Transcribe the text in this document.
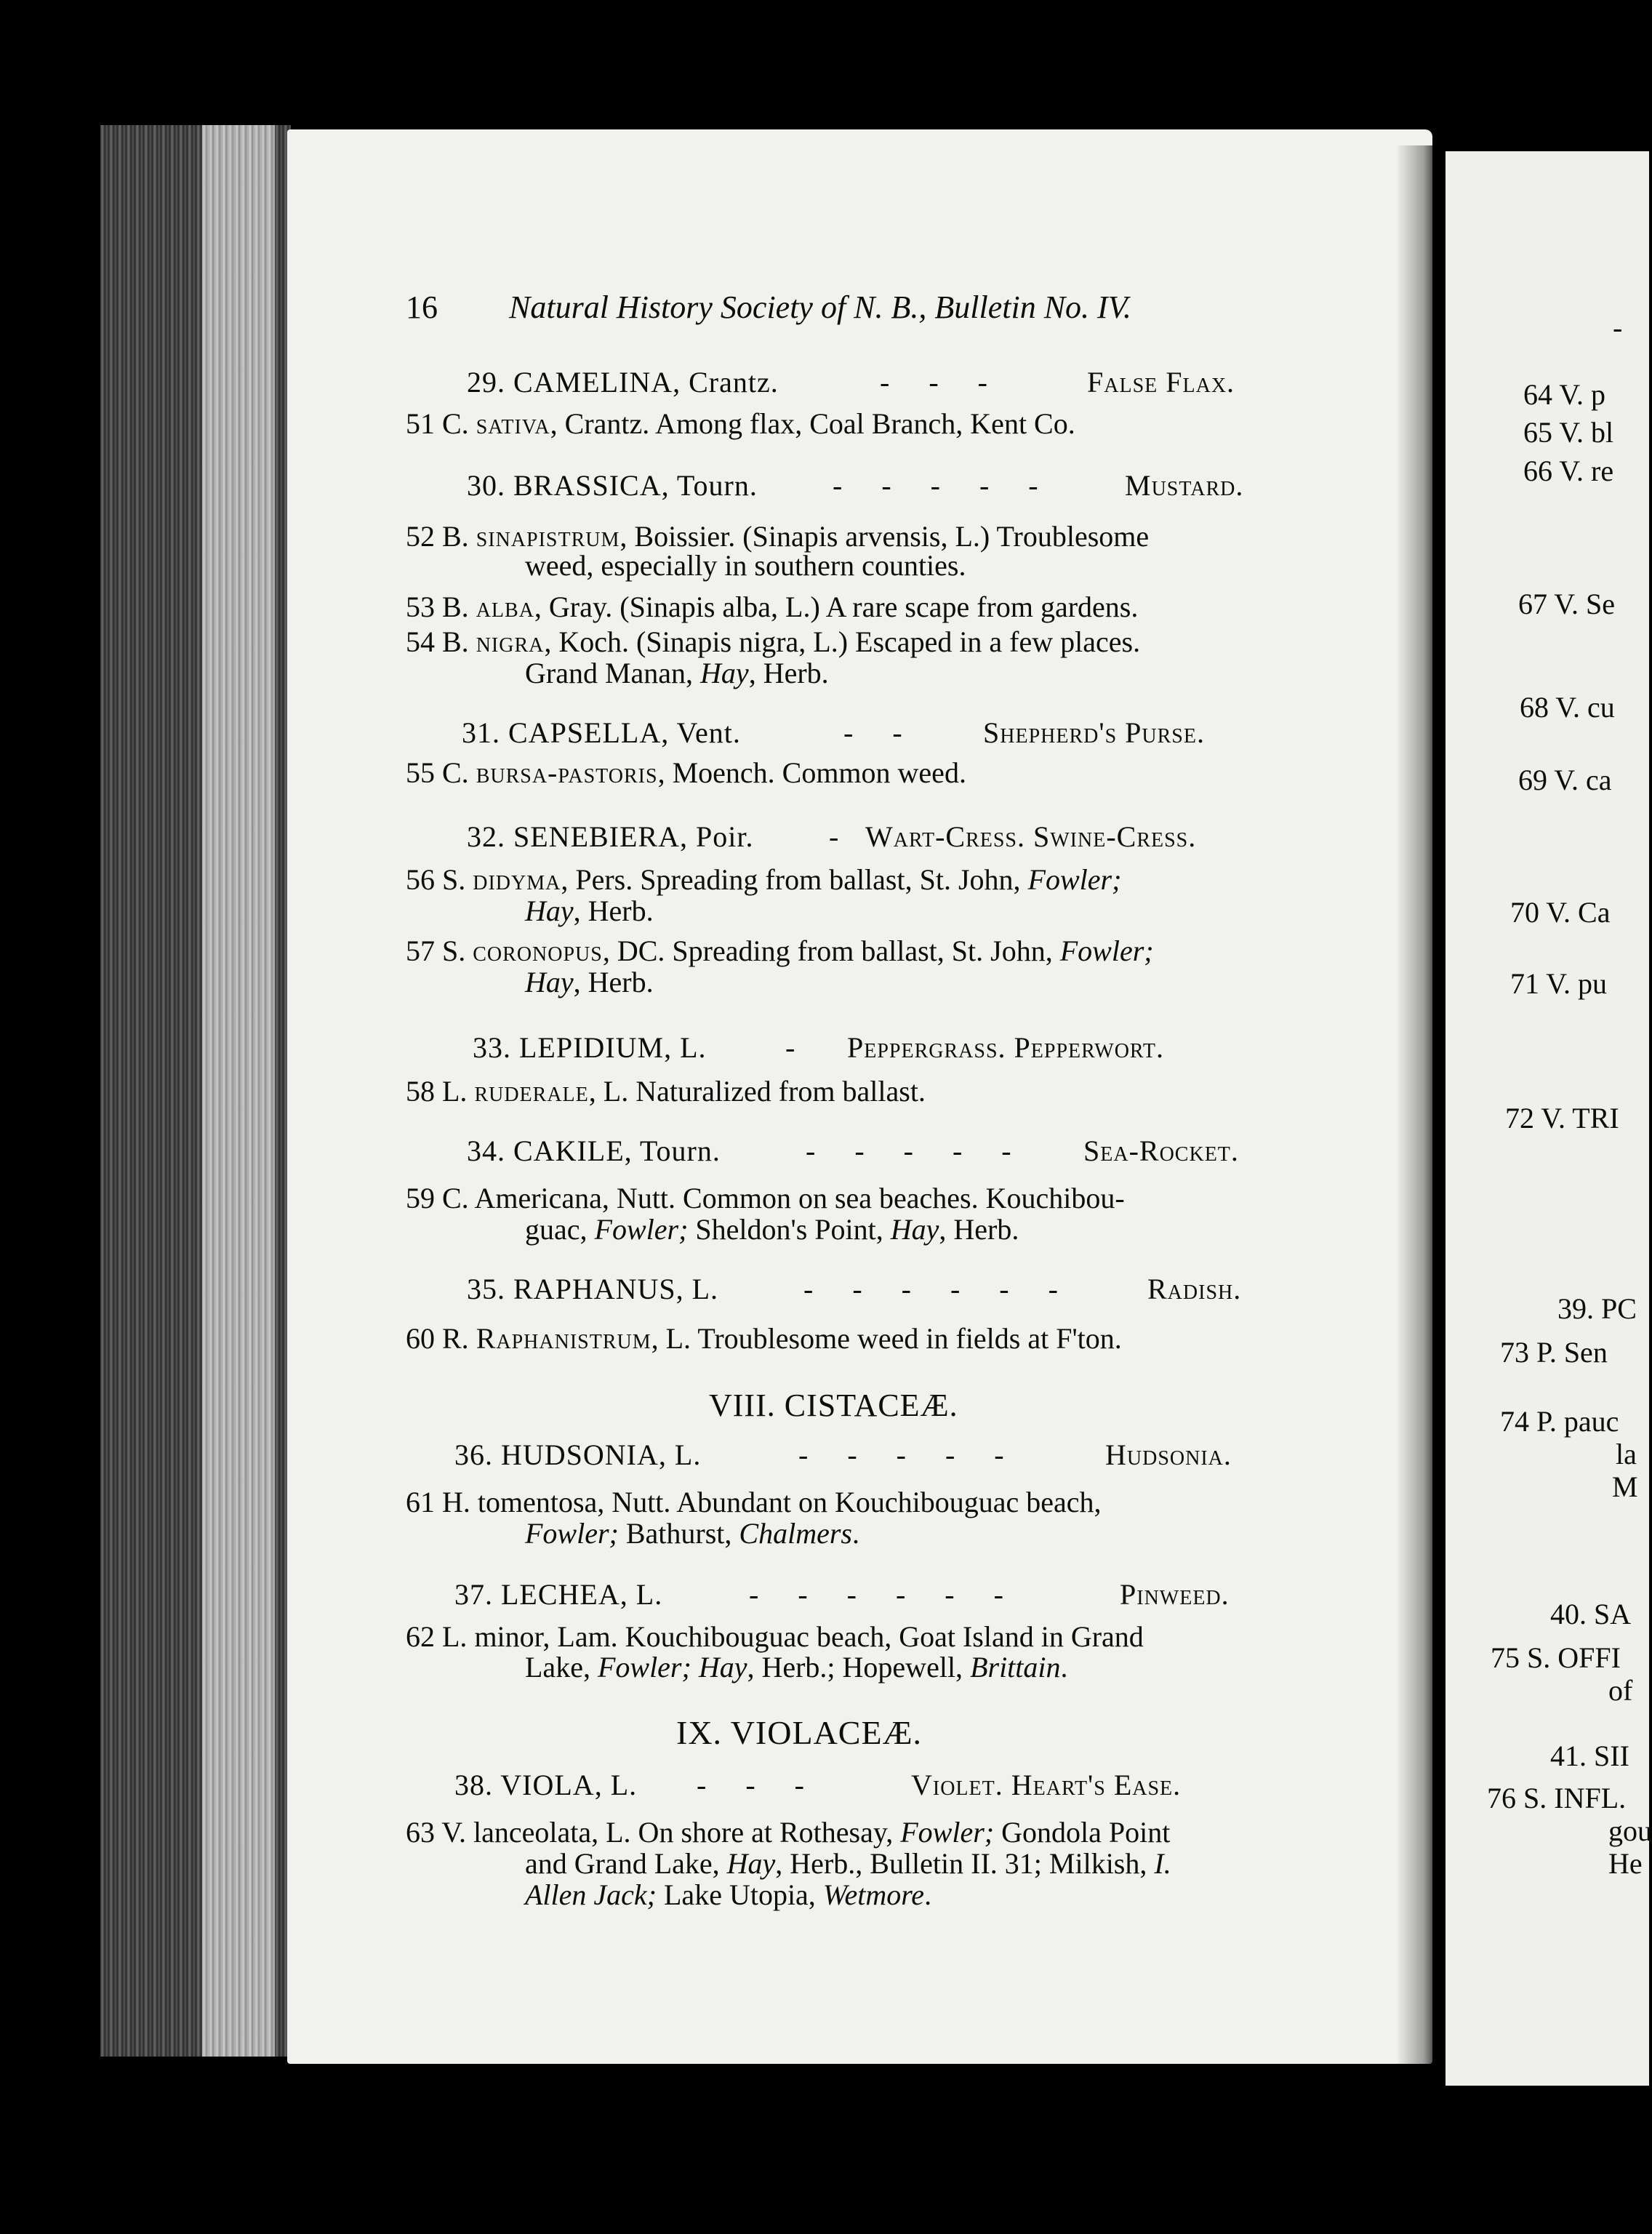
16 Natural History Society of N. B., Bulletin No. IV.
29. CAMELINA, Crantz.	- - -	False Flax.
51 C. sativa, Crantz. Among flax, Coal Branch, Kent Co.
30. BRASSICA, Tourn.	- - - - - Mustard.
52 B. sinapistrum, Boissier. (Sinapis arvensis, L.) Troublesome
weed, especially in southern counties.
53 B. alba, Gray. (Sinapis alba, L.) A rare scape from gardens.
54 B. nigra, Koch. (Sinapis nigra, L.) Escaped in a few places.
Grand Manan, Hay, Herb.
31. CAPSELLA, Vent.	- - Shepherd's Purse.
55 C. bursa-pastoris, Moench. Common weed.
32. SENEBIERA, Poir.	- Wart-Cress. Swine-Cress.
56 S. didyma, Pers. Spreading from ballast, St. John, Fowler;
Hay, Herb.
57 S. coronopus, DC. Spreading from ballast, St. John, Fowler;
Hay, Herb.
33. LEPIDIUM, L.	- Peppergrass. Pepperwort.
58 L. ruderale, L. Naturalized from ballast.
34. CAKILE, Tourn.	- - - - - Sea-Rocket.
59 C. Americana, Nutt. Common on sea beaches. Kouchibou-
guac, Fowler; Sheldon's Point, Hay, Herb.
35. RAPHANUS, L.	- - - - - -	Radish.
60 R. Raphanistrum, L. Troublesome weed in fields at F'ton.
VIII. CISTACEÆ.
36. HUDSONIA, L.	- - - - -	Hudsonia.
61 H. tomentosa, Nutt. Abundant on Kouchibouguac beach,
Fowler; Bathurst, Chalmers.
37. LECHEA, L.	- - - - - -	Pinweed.
62 L. minor, Lam. Kouchibouguac beach, Goat Island in Grand
Lake, Fowler; Hay, Herb.; Hopewell, Brittain.
IX. VIOLACEÆ.
38. VIOLA, L. - - -	Violet. Heart's Ease.
63 V. lanceolata, L. On shore at Rothesay, Fowler; Gondola Point
and Grand Lake, Hay, Herb., Bulletin II. 31; Milkish, I.
Allen Jack; Lake Utopia, Wetmore.
-
64 V. p
65 V. bl
66 V. re
67 V. Se
68 V. cu
69 V. ca
70 V. Ca
71 V. pu
72 V. TRI
39. PC
73 P. Sen
74 P. pauc
la
M
40. SA
75 S. OFFI
of
41. SII
76 S. INFL.
gou
He
